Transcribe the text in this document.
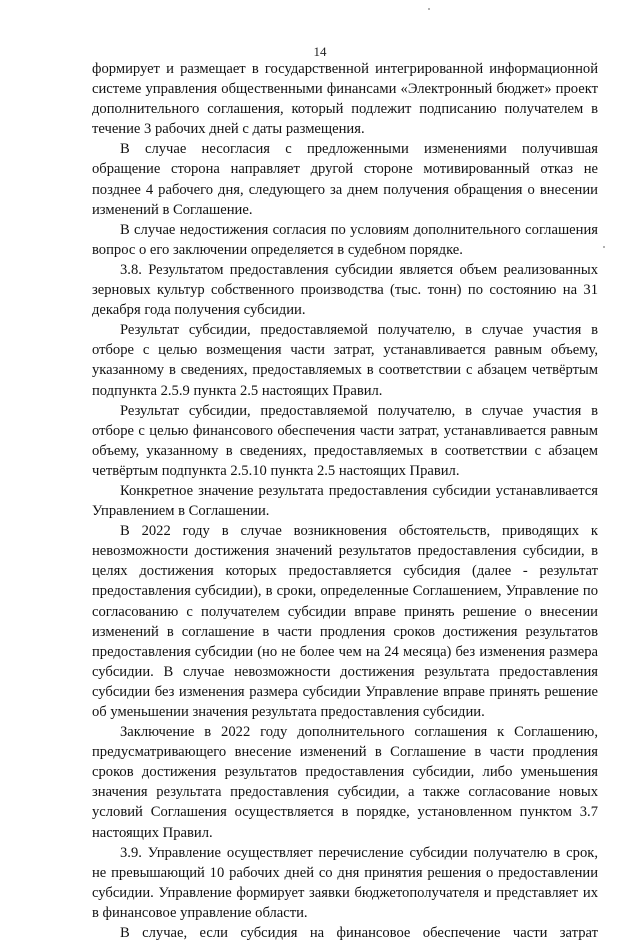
14

формирует и размещает в государственной интегрированной информационной системе управления общественными финансами «Электронный бюджет» проект дополнительного соглашения, который подлежит подписанию получателем в течение 3 рабочих дней с даты размещения.

В случае несогласия с предложенными изменениями получившая обращение сторона направляет другой стороне мотивированный отказ не позднее 4 рабочего дня, следующего за днем получения обращения о внесении изменений в Соглашение.

В случае недостижения согласия по условиям дополнительного соглашения вопрос о его заключении определяется в судебном порядке.

3.8. Результатом предоставления субсидии является объем реализованных зерновых культур собственного производства (тыс. тонн) по состоянию на 31 декабря года получения субсидии.

Результат субсидии, предоставляемой получателю, в случае участия в отборе с целью возмещения части затрат, устанавливается равным объему, указанному в сведениях, предоставляемых в соответствии с абзацем четвёртым подпункта 2.5.9 пункта 2.5 настоящих Правил.

Результат субсидии, предоставляемой получателю, в случае участия в отборе с целью финансового обеспечения части затрат, устанавливается равным объему, указанному в сведениях, предоставляемых в соответствии с абзацем четвёртым подпункта 2.5.10 пункта 2.5 настоящих Правил.

Конкретное значение результата предоставления субсидии устанавливается Управлением в Соглашении.

В 2022 году в случае возникновения обстоятельств, приводящих к невозможности достижения значений результатов предоставления субсидии, в целях достижения которых предоставляется субсидия (далее - результат предоставления субсидии), в сроки, определенные Соглашением, Управление по согласованию с получателем субсидии вправе принять решение о внесении изменений в соглашение в части продления сроков достижения результатов предоставления субсидии (но не более чем на 24 месяца) без изменения размера субсидии. В случае невозможности достижения результата предоставления субсидии без изменения размера субсидии Управление вправе принять решение об уменьшении значения результата предоставления субсидии.

Заключение в 2022 году дополнительного соглашения к Соглашению, предусматривающего внесение изменений в Соглашение в части продления сроков достижения результатов предоставления субсидии, либо уменьшения значения результата предоставления субсидии, а также согласование новых условий Соглашения осуществляется в порядке, установленном пунктом 3.7 настоящих Правил.

3.9. Управление осуществляет перечисление субсидии получателю в срок, не превышающий 10 рабочих дней со дня принятия решения о предоставлении субсидии. Управление формирует заявки бюджетополучателя и представляет их в финансовое управление области.

В случае, если субсидия на финансовое обеспечение части затрат
